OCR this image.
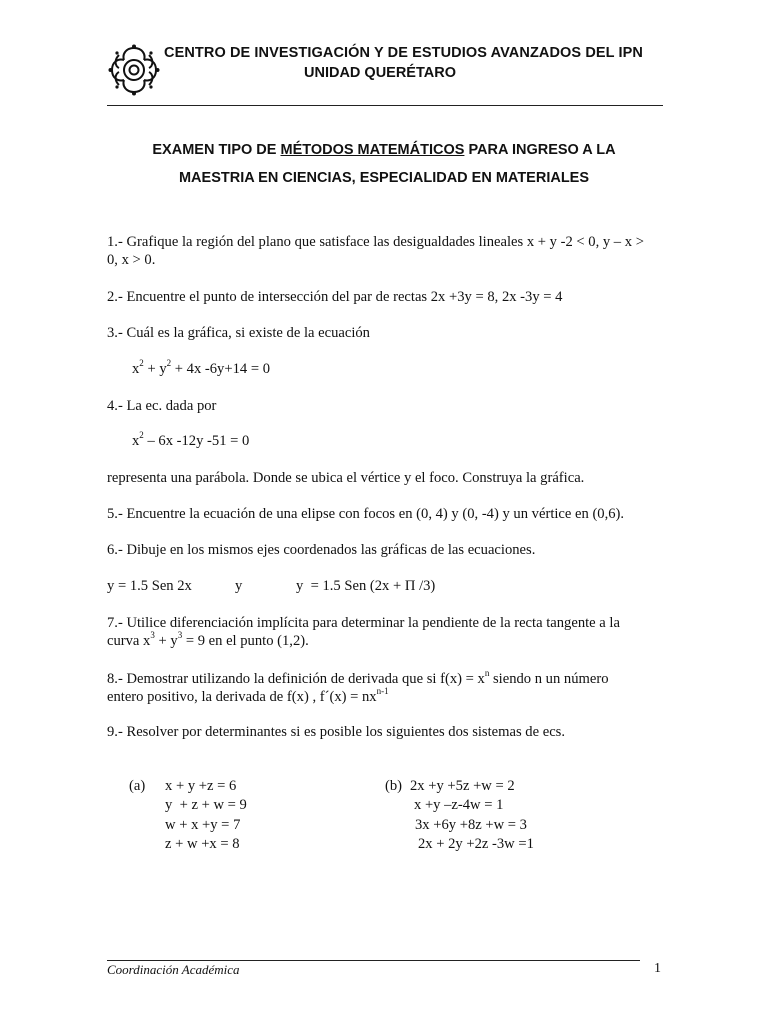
CENTRO DE INVESTIGACIÓN Y DE ESTUDIOS AVANZADOS DEL IPN
UNIDAD QUERÉTARO
EXAMEN TIPO DE MÉTODOS MATEMÁTICOS PARA INGRESO A LA
MAESTRIA EN CIENCIAS, ESPECIALIDAD EN MATERIALES
1.- Grafique la región del plano que satisface las desigualdades lineales x + y -2 < 0, y – x >
0, x > 0.
2.- Encuentre el punto de intersección del par de rectas 2x +3y = 8, 2x -3y = 4
3.- Cuál es la gráfica, si existe de la ecuación
$x^2 + y^2 + 4x$ -6y+14 = 0
4.- La ec. dada por
$x^2 - 6x$ -12y -51 = 0
representa una parábola. Donde se ubica el vértice y el foco. Construya la gráfica.
5.- Encuentre la ecuación de una elipse con focos en (0, 4) y (0, -4) y un vértice en (0,6).
6.- Dibuje en los mismos ejes coordenados las gráficas de las ecuaciones.
y = 1.5 Sen 2x	y	y  = 1.5 Sen (2x + Π /3)
7.- Utilice diferenciación implícita para determinar la pendiente de la recta tangente a la
curva $x^3 + y^3 = 9$ en el punto (1,2).
8.- Demostrar utilizando la definición de derivada que si $f(x) = x^n$ siendo n un número
entero positivo, la derivada de f(x) , f´(x) = $nx^{n-1}$
9.- Resolver por determinantes si es posible los siguientes dos sistemas de ecs.
(a) x + y +z = 6
y  + z + w = 9
w + x +y = 7
z + w +x = 8
(b) 2x +y +5z +w = 2
x +y –z-4w = 1
3x +6y +8z +w = 3
2x + 2y +2z -3w =1
Coordinación Académica	1
